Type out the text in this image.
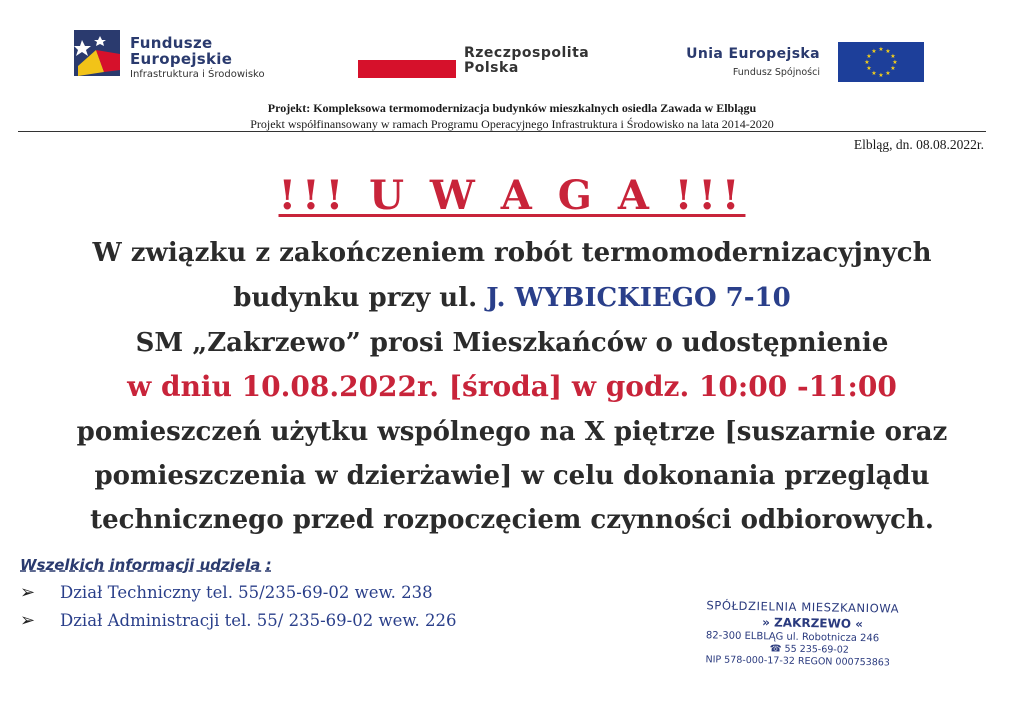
Fundusze
Europejskie
Infrastruktura i Środowisko
Rzeczpospolita
Polska
Unia Europejska
Fundusz Spójności
★ ★
★
★
★
★
★
★
★
★
★
★
Projekt: Kompleksowa termomodernizacja budynków mieszkalnych osiedla Zawada w Elblągu
Projekt współfinansowany w ramach Programu Operacyjnego Infrastruktura i Środowisko na lata 2014-2020
Elbląg, dn. 08.08.2022r.
!!! U W A G A !!!
W związku z zakończeniem robót termomodernizacyjnych
budynku przy ul. J. WYBICKIEGO 7-10
SM „Zakrzewo” prosi Mieszkańców o udostępnienie
w dniu 10.08.2022r. [środa] w godz. 10:00 -11:00
pomieszczeń użytku wspólnego na X piętrze [suszarnie oraz
pomieszczenia w dzierżawie] w celu dokonania przeglądu
technicznego przed rozpoczęciem czynności odbiorowych.
Wszelkich informacji udziela :
➢ Dział Techniczny tel. 55/235-69-02 wew. 238
➢ Dział Administracji tel. 55/ 235-69-02 wew. 226
SPÓŁDZIELNIA MIESZKANIOWA
» ZAKRZEWO «
82-300 ELBLĄG ul. Robotnicza 246
☎ 55 235-69-02
NIP 578-000-17-32 REGON 000753863
